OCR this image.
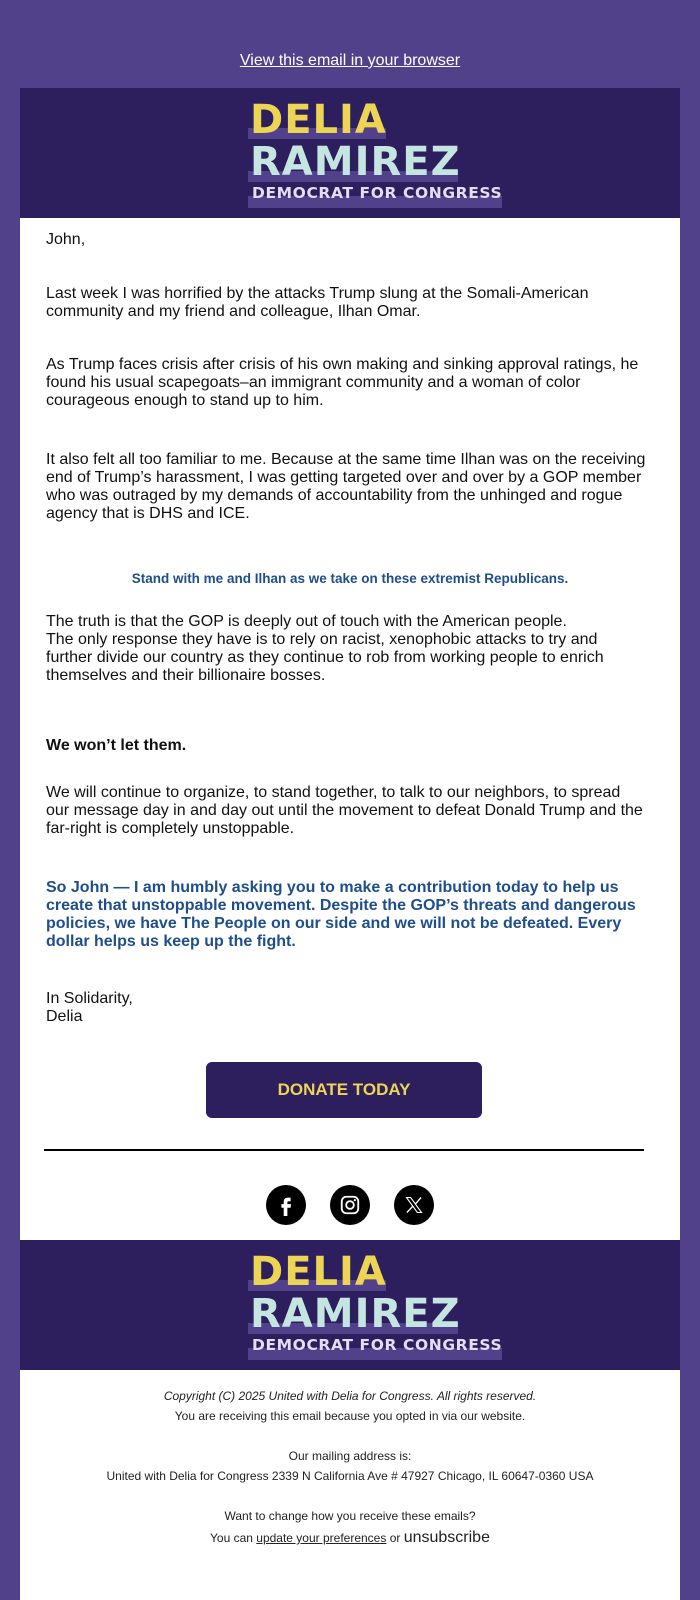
View this email in your browser
DELIA
RAMIREZ
DEMOCRAT FOR CONGRESS
John,
Last week I was horrified by the attacks Trump slung at the Somali-American community and my friend and colleague, Ilhan Omar.
As Trump faces crisis after crisis of his own making and sinking approval ratings, he found his usual scapegoats–an immigrant community and a woman of color courageous enough to stand up to him.
It also felt all too familiar to me. Because at the same time Ilhan was on the receiving end of Trump’s harassment, I was getting targeted over and over by a GOP member who was outraged by my demands of accountability from the unhinged and rogue agency that is DHS and ICE.
Stand with me and Ilhan as we take on these extremist Republicans.
The truth is that the GOP is deeply out of touch with the American people.
The only response they have is to rely on racist, xenophobic attacks to try and further divide our country as they continue to rob from working people to enrich themselves and their billionaire bosses.
We won’t let them.
We will continue to organize, to stand together, to talk to our neighbors, to spread our message day in and day out until the movement to defeat Donald Trump and the far-right is completely unstoppable.
So John — I am humbly asking you to make a contribution today to help us create that unstoppable movement. Despite the GOP’s threats and dangerous policies, we have The People on our side and we will not be defeated. Every dollar helps us keep up the fight.
In Solidarity,
Delia
DONATE TODAY
DELIA
RAMIREZ
DEMOCRAT FOR CONGRESS
Copyright (C) 2025 United with Delia for Congress. All rights reserved.
You are receiving this email because you opted in via our website.
Our mailing address is:
United with Delia for Congress 2339 N California Ave # 47927 Chicago, IL 60647-0360 USA
Want to change how you receive these emails?
You can update your preferences or unsubscribe
